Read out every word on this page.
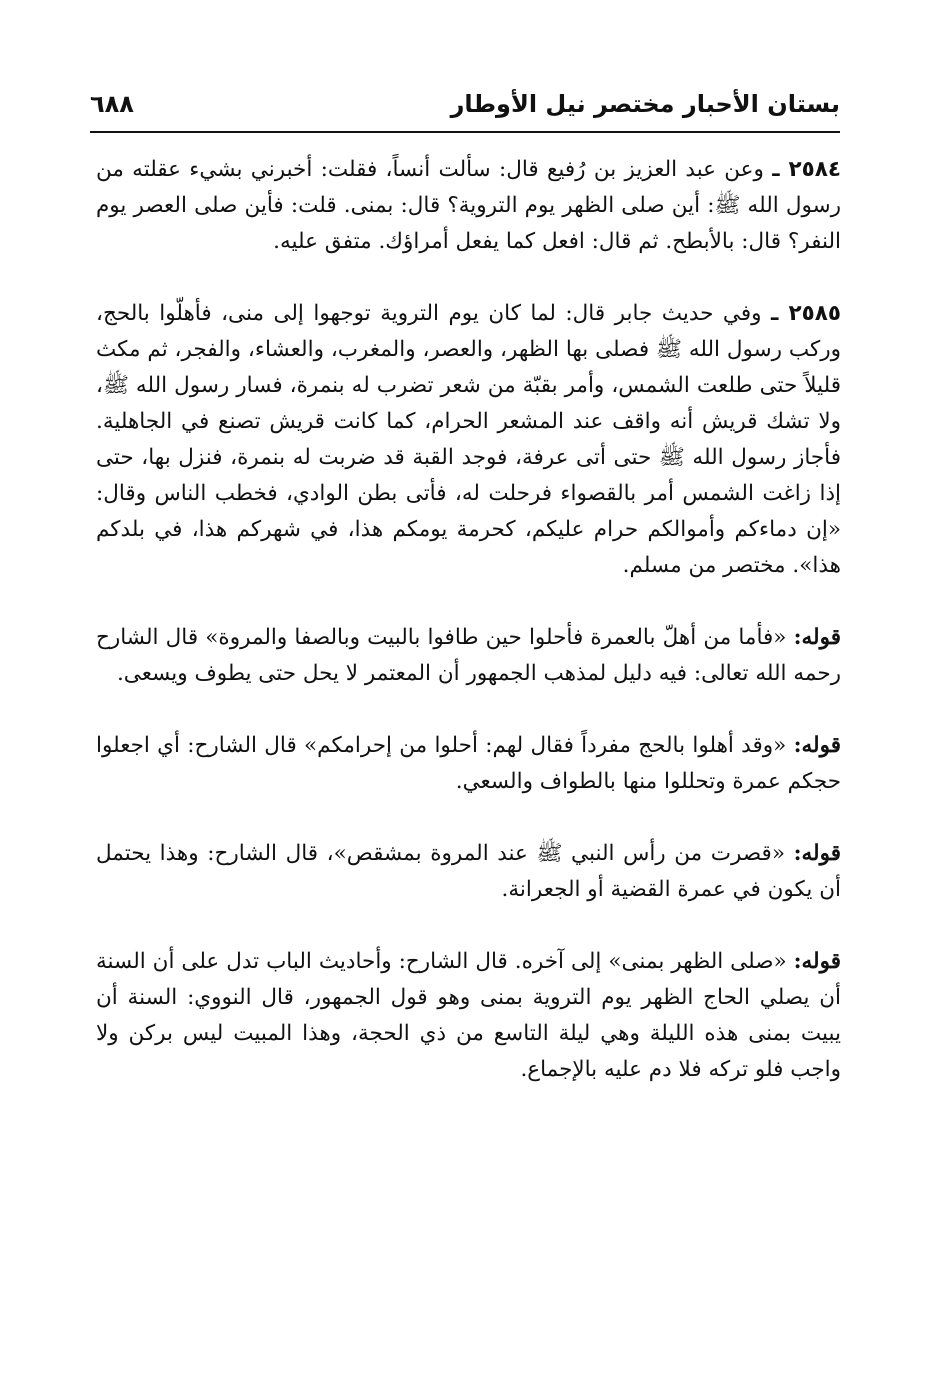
بستان الأحبار مختصر نيل الأوطار
٦٨٨

٢٥٨٤ ـ وعن عبد العزيز بن رُفيع قال: سألت أنساً، فقلت: أخبرني بشيء عقلته من رسول الله ﷺ: أين صلى الظهر يوم التروية؟ قال: بمنى. قلت: فأين صلى العصر يوم النفر؟ قال: بالأبطح. ثم قال: افعل كما يفعل أمراؤك. متفق عليه.

٢٥٨٥ ـ وفي حديث جابر قال: لما كان يوم التروية توجهوا إلى منى، فأهلّوا بالحج، وركب رسول الله ﷺ فصلى بها الظهر، والعصر، والمغرب، والعشاء، والفجر، ثم مكث قليلاً حتى طلعت الشمس، وأمر بقبّة من شعر تضرب له بنمرة، فسار رسول الله ﷺ، ولا تشك قريش أنه واقف عند المشعر الحرام، كما كانت قريش تصنع في الجاهلية. فأجاز رسول الله ﷺ حتى أتى عرفة، فوجد القبة قد ضربت له بنمرة، فنزل بها، حتى إذا زاغت الشمس أمر بالقصواء فرحلت له، فأتى بطن الوادي، فخطب الناس وقال: «إن دماءكم وأموالكم حرام عليكم، كحرمة يومكم هذا، في شهركم هذا، في بلدكم هذا». مختصر من مسلم.

قوله: «فأما من أهلّ بالعمرة فأحلوا حين طافوا بالبيت وبالصفا والمروة» قال الشارح رحمه الله تعالى: فيه دليل لمذهب الجمهور أن المعتمر لا يحل حتى يطوف ويسعى.

قوله: «وقد أهلوا بالحج مفرداً فقال لهم: أحلوا من إحرامكم» قال الشارح: أي اجعلوا حجكم عمرة وتحللوا منها بالطواف والسعي.

قوله: «قصرت من رأس النبي ﷺ عند المروة بمشقص»، قال الشارح: وهذا يحتمل أن يكون في عمرة القضية أو الجعرانة.

قوله: «صلى الظهر بمنى» إلى آخره. قال الشارح: وأحاديث الباب تدل على أن السنة أن يصلي الحاج الظهر يوم التروية بمنى وهو قول الجمهور، قال النووي: السنة أن يبيت بمنى هذه الليلة وهي ليلة التاسع من ذي الحجة، وهذا المبيت ليس بركن ولا واجب فلو تركه فلا دم عليه بالإجماع.
